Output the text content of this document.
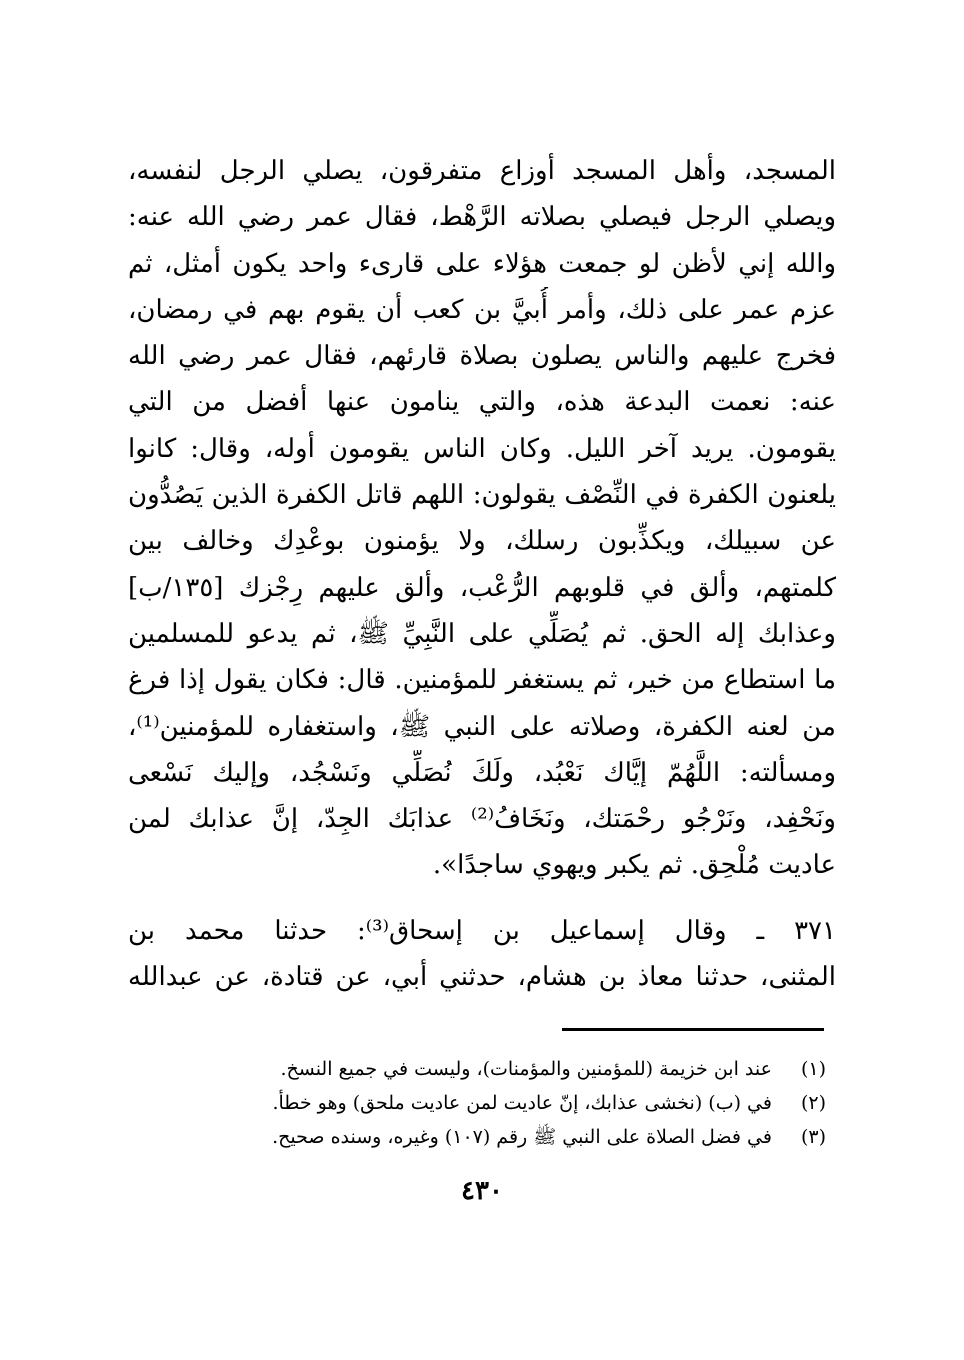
المسجد، وأهل المسجد أوزاع متفرقون، يصلي الرجل لنفسه،
ويصلي الرجل فيصلي بصلاته الرَّهْط، فقال عمر رضي الله عنه:
والله إني لأظن لو جمعت هؤلاء على قارىء واحد يكون أمثل، ثم
عزم عمر على ذلك، وأمر أُبيَّ بن كعب أن يقوم بهم في رمضان،
فخرج عليهم والناس يصلون بصلاة قارئهم، فقال عمر رضي الله
عنه: نعمت البدعة هذه، والتي ينامون عنها أفضل من التي
يقومون. يريد آخر الليل. وكان الناس يقومون أوله، وقال: كانوا
يلعنون الكفرة في النِّصْف يقولون: اللهم قاتل الكفرة الذين يَصُدُّون
عن سبيلك، ويكذِّبون رسلك، ولا يؤمنون بوعْدِك وخالف بين
كلمتهم، وألق في قلوبهم الرُّعْب، وألق عليهم رِجْزك [١٣٥/ب]
وعذابك إله الحق. ثم يُصَلِّي على النَّبِيِّ ﷺ، ثم يدعو للمسلمين
ما استطاع من خير، ثم يستغفر للمؤمنين. قال: فكان يقول إذا فرغ
من لعنه الكفرة، وصلاته على النبي ﷺ، واستغفاره للمؤمنين⁽¹⁾،
ومسألته: اللَّهُمّ إيَّاك نَعْبُد، ولَكَ نُصَلِّي ونَسْجُد، وإليك نَسْعى
ونَحْفِد، ونَرْجُو رحْمَتك، ونَخَافُ⁽²⁾ عذابَك الجِدّ، إنَّ عذابك لمن
عاديت مُلْحِق. ثم يكبر ويهوي ساجدًا».
٣٧١ ـ وقال إسماعيل بن إسحاق⁽³⁾: حدثنا محمد بن
المثنى، حدثنا معاذ بن هشام، حدثني أبي، عن قتادة، عن عبدالله
(١) عند ابن خزيمة (للمؤمنين والمؤمنات)، وليست في جميع النسخ.
(٢) في (ب) (نخشى عذابك، إنّ عاديت لمن عاديت ملحق) وهو خطأ.
(٣) في فضل الصلاة على النبي ﷺ رقم (١٠٧) وغيره، وسنده صحيح.
٤٣٠
